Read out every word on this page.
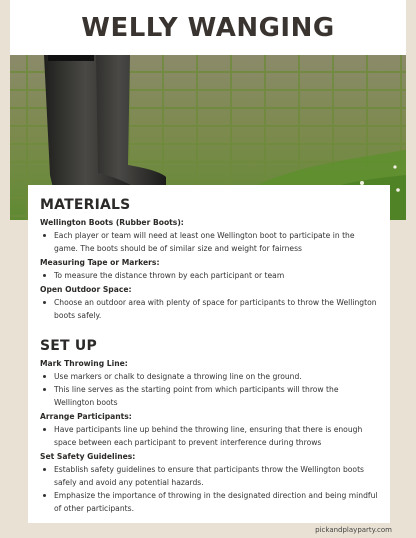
WELLY WANGING
MATERIALS
Wellington Boots (Rubber Boots):
Each player or team will need at least one Wellington boot to participate in the game. The boots should be of similar size and weight for fairness
Measuring Tape or Markers:
To measure the distance thrown by each participant or team
Open Outdoor Space:
Choose an outdoor area with plenty of space for participants to throw the Wellington boots safely.
SET UP
Mark Throwing Line:
Use markers or chalk to designate a throwing line on the ground.
This line serves as the starting point from which participants will throw the Wellington boots
Arrange Participants:
Have participants line up behind the throwing line, ensuring that there is enough space between each participant to prevent interference during throws
Set Safety Guidelines:
Establish safety guidelines to ensure that participants throw the Wellington boots safely and avoid any potential hazards.
Emphasize the importance of throwing in the designated direction and being mindful of other participants.
pickandplayparty.com
